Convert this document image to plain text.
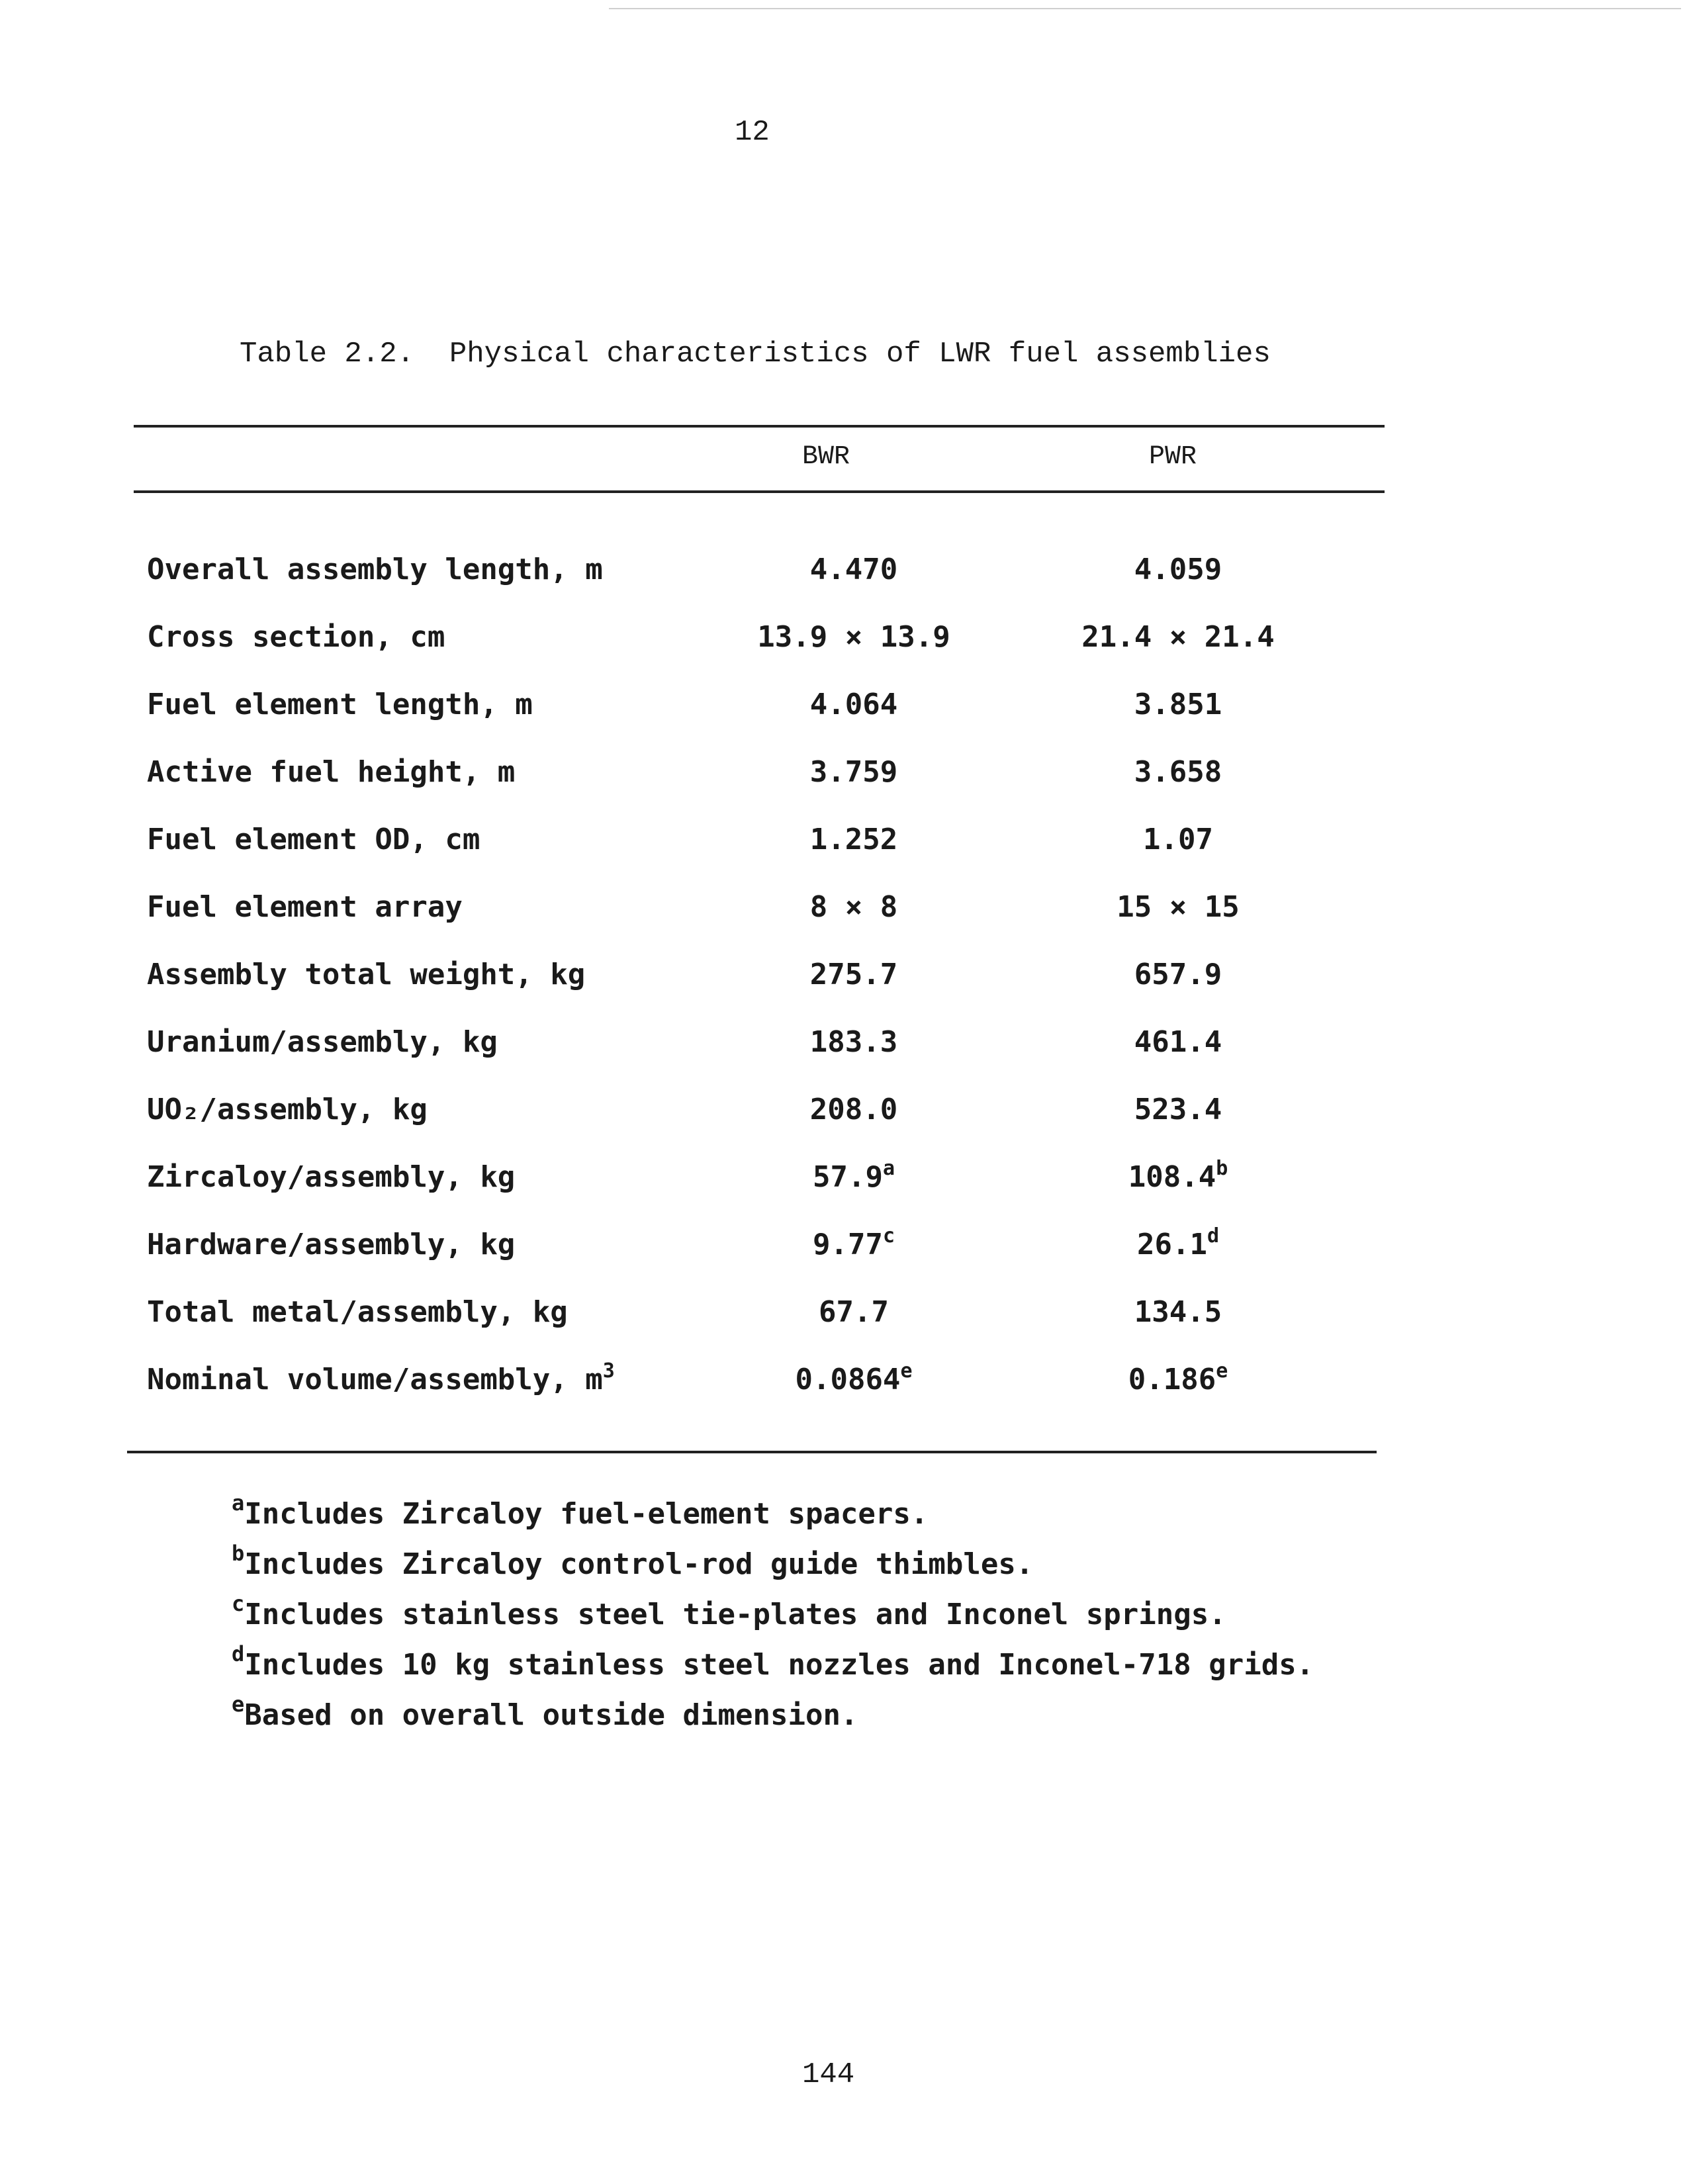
12
Table 2.2.  Physical characteristics of LWR fuel assemblies
BWR	PWR
Overall assembly length, m	4.470	4.059
Cross section, cm	13.9 × 13.9	21.4 × 21.4
Fuel element length, m	4.064	3.851
Active fuel height, m	3.759	3.658
Fuel element OD, cm	1.252	1.07
Fuel element array	8 × 8	15 × 15
Assembly total weight, kg	275.7	657.9
Uranium/assembly, kg	183.3	461.4
UO₂/assembly, kg	208.0	523.4
Zircaloy/assembly, kg	57.9$^a$	108.4$^b$
Hardware/assembly, kg	9.77$^c$	26.1$^d$
Total metal/assembly, kg	67.7	134.5
Nominal volume/assembly, $m^3$	0.0864e	0.186e
$^a$Includes Zircaloy fuel-element spacers.
$^b$Includes Zircaloy control-rod guide thimbles.
$^c$Includes stainless steel tie-plates and Inconel springs.
$^d$Includes 10 kg stainless steel nozzles and Inconel-718 grids.
$^e$Based on overall outside dimension.
144
